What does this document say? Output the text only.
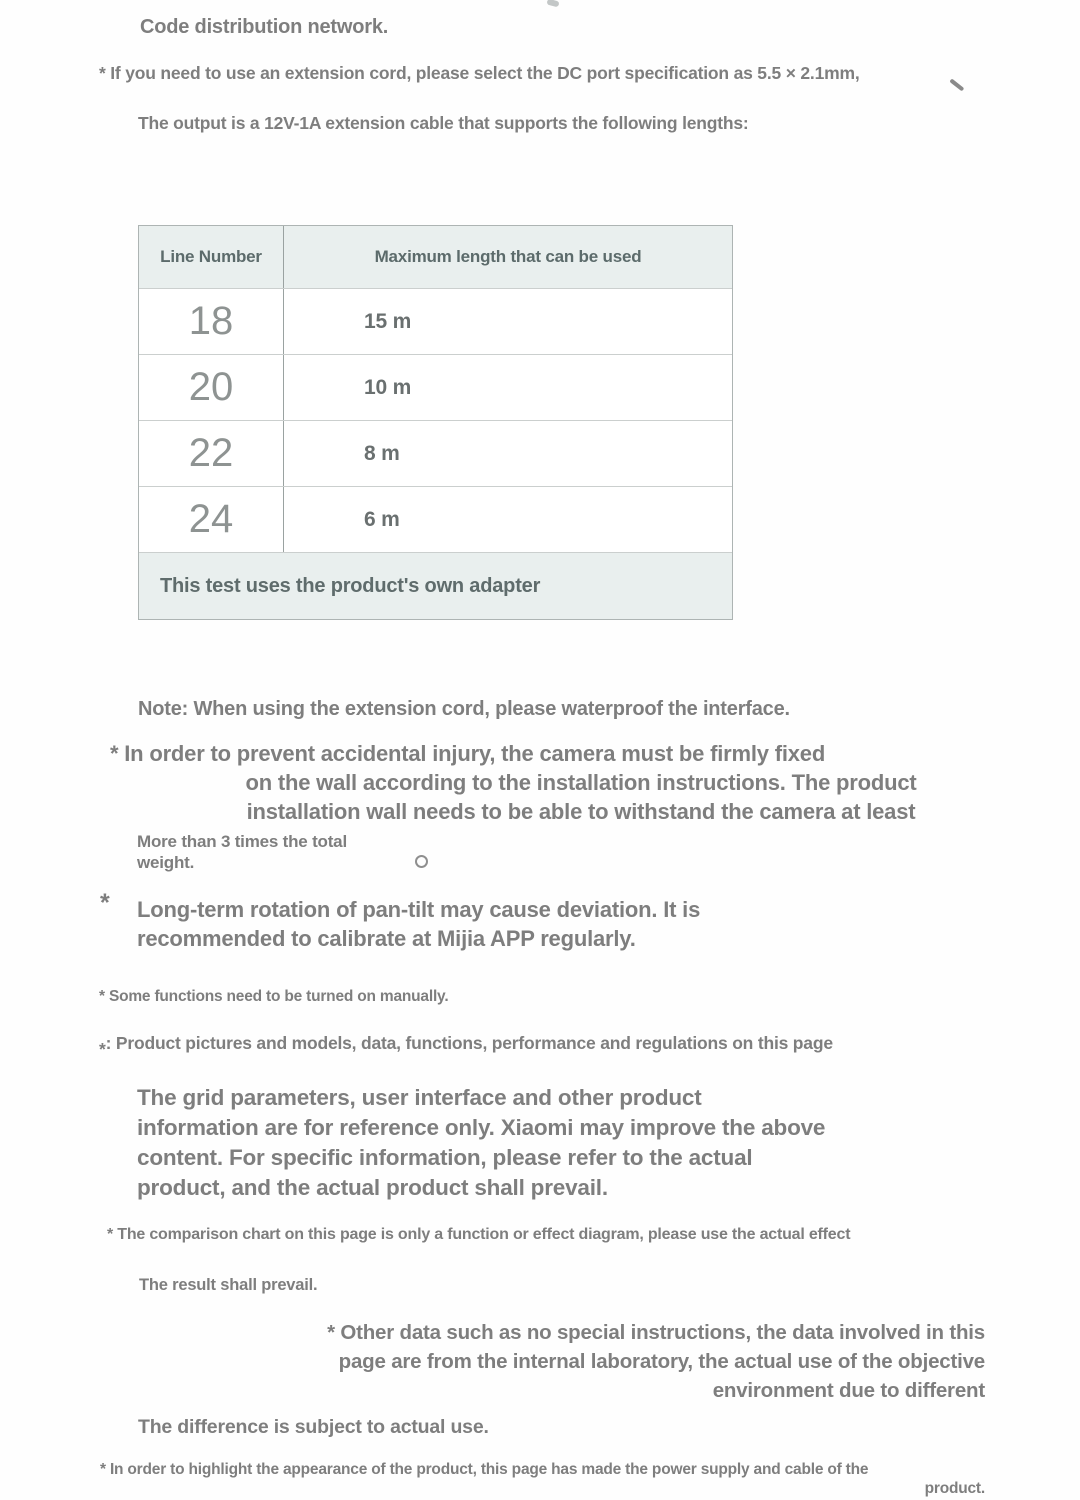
Code distribution network.
* If you need to use an extension cord, please select the DC port specification as 5.5 × 2.1mm,
The output is a 12V-1A extension cable that supports the following lengths:
Line Number	Maximum length that can be used
18	15 m
20	10 m
22	8 m
24	6 m
This test uses the product's own adapter
Note: When using the extension cord, please waterproof the interface.
* In order to prevent accidental injury, the camera must be firmly fixed
on the wall according to the installation instructions. The product
installation wall needs to be able to withstand the camera at least
More than 3 times the total
weight.
* Long-term rotation of pan-tilt may cause deviation. It is
recommended to calibrate at Mijia APP regularly.
* Some functions need to be turned on manually.
*: Product pictures and models, data, functions, performance and regulations on this page
The grid parameters, user interface and other product
information are for reference only. Xiaomi may improve the above
content. For specific information, please refer to the actual
product, and the actual product shall prevail.
* The comparison chart on this page is only a function or effect diagram, please use the actual effect
The result shall prevail.
* Other data such as no special instructions, the data involved in this
page are from the internal laboratory, the actual use of the objective
environment due to different
The difference is subject to actual use.
* In order to highlight the appearance of the product, this page has made the power supply and cable of the
product.
